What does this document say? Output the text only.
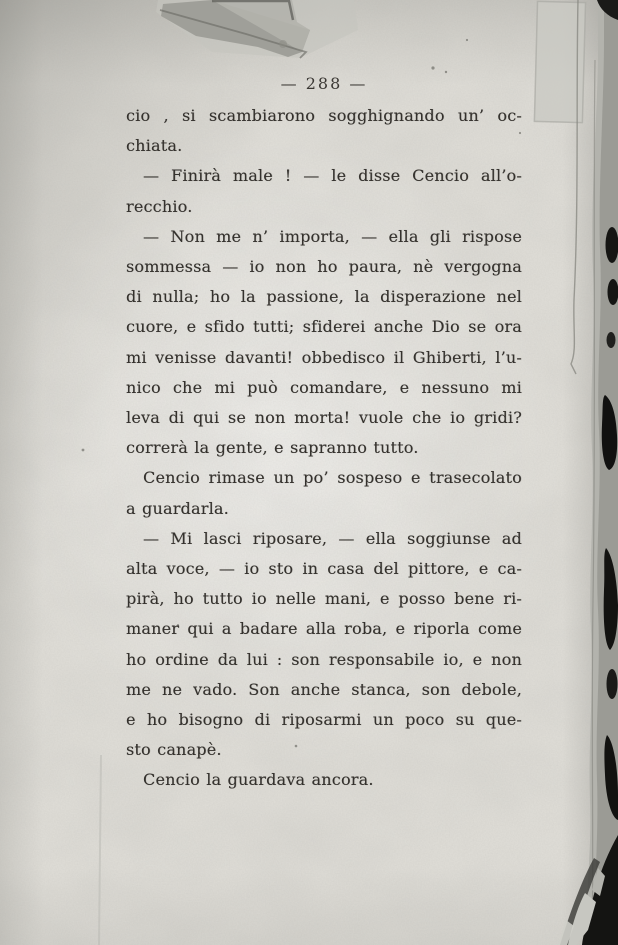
— 288 —
cio , si scambiarono sogghignando un’ oc-
chiata.
— Finirà male ! — le disse Cencio all’o-
recchio.
— Non me n’ importa, — ella gli rispose
sommessa — io non ho paura, nè vergogna
di nulla; ho la passione, la disperazione nel
cuore, e sfido tutti; sfiderei anche Dio se ora
mi venisse davanti! obbedisco il Ghiberti, l’u-
nico che mi può comandare, e nessuno mi
leva di qui se non morta! vuole che io gridi?
correrà la gente, e sapranno tutto.
Cencio rimase un po’ sospeso e trasecolato
a guardarla.
— Mi lasci riposare, — ella soggiunse ad
alta voce, — io sto in casa del pittore, e ca-
pirà, ho tutto io nelle mani, e posso bene ri-
maner qui a badare alla roba, e riporla come
ho ordine da lui : son responsabile io, e non
me ne vado. Son anche stanca, son debole,
e ho bisogno di riposarmi un poco su que-
sto canapè.
Cencio la guardava ancora.
